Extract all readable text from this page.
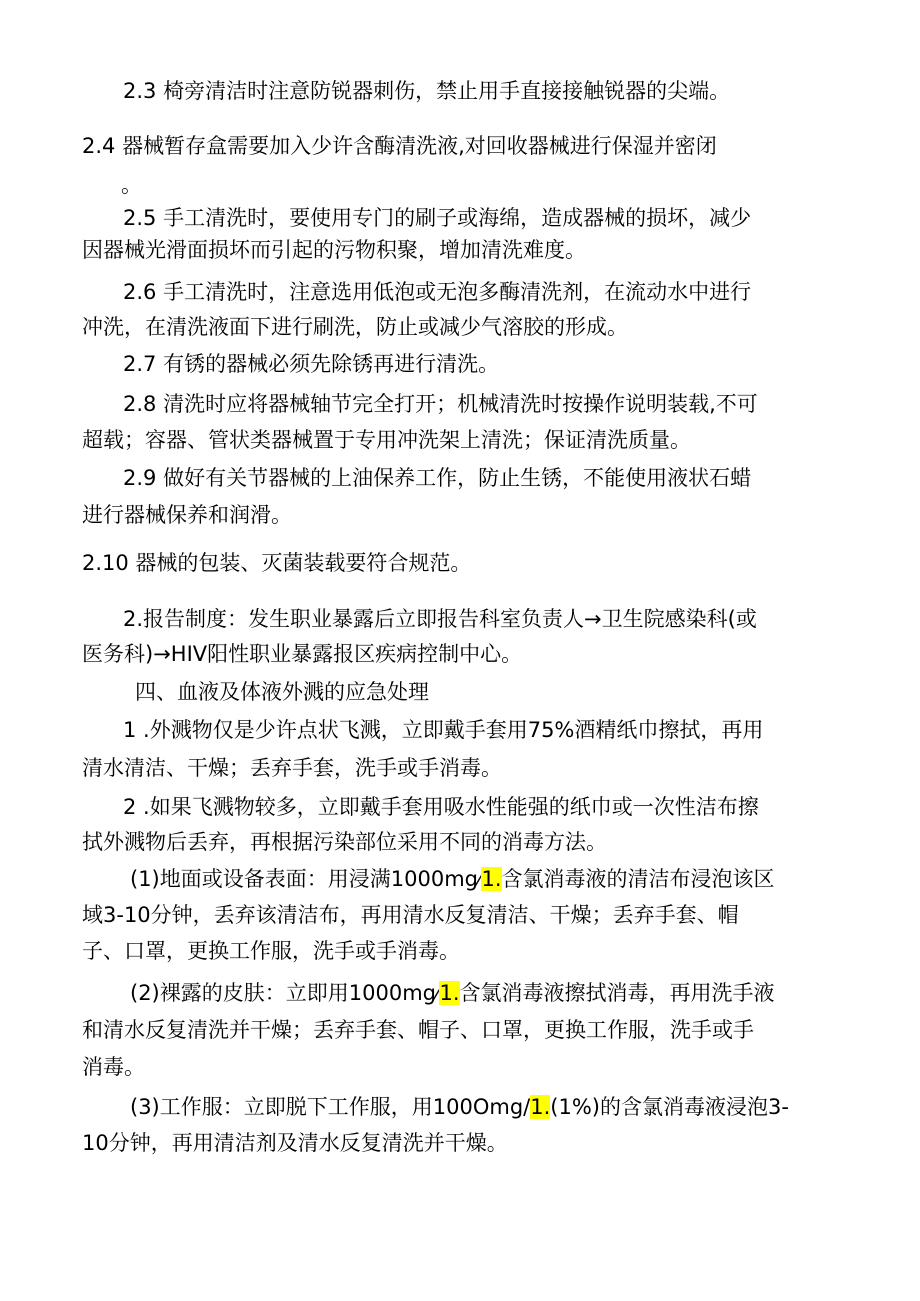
2.3 椅旁清洁时注意防锐器刺伤，禁止用手直接接触锐器的尖端。

2.4 器械暂存盒需要加入少许含酶清洗液,对回收器械进行保湿并密闭

。

2.5 手工清洗时，要使用专门的刷子或海绵，造成器械的损坏，减少

因器械光滑面损坏而引起的污物积聚，增加清洗难度。

2.6 手工清洗时，注意选用低泡或无泡多酶清洗剂，在流动水中进行

冲洗，在清洗液面下进行刷洗，防止或减少气溶胶的形成。

2.7 有锈的器械必须先除锈再进行清洗。

2.8 清洗时应将器械轴节完全打开；机械清洗时按操作说明装载,不可

超载；容器、管状类器械置于专用冲洗架上清洗；保证清洗质量。

2.9 做好有关节器械的上油保养工作，防止生锈，不能使用液状石蜡

进行器械保养和润滑。

2.10 器械的包装、灭菌装载要符合规范。

2.报告制度：发生职业暴露后立即报告科室负责人→卫生院感染科(或

医务科)→HIV阳性职业暴露报区疾病控制中心。

四、血液及体液外溅的应急处理

1 .外溅物仅是少许点状飞溅，立即戴手套用75%酒精纸巾擦拭，再用

清水清洁、干燥；丢弃手套，洗手或手消毒。

2 .如果飞溅物较多，立即戴手套用吸水性能强的纸巾或一次性洁布擦

拭外溅物后丢弃，再根据污染部位采用不同的消毒方法。

(1)地面或设备表面：用浸满1000mg⁄1.含氯消毒液的清洁布浸泡该区

域3-10分钟，丢弃该清洁布，再用清水反复清洁、干燥；丢弃手套、帽

子、口罩，更换工作服，洗手或手消毒。

(2)裸露的皮肤：立即用1000mg⁄1.含氯消毒液擦拭消毒，再用洗手液

和清水反复清洗并干燥；丢弃手套、帽子、口罩，更换工作服，洗手或手

消毒。

(3)工作服：立即脱下工作服，用100Omg/1.(1%)的含氯消毒液浸泡3-

10分钟，再用清洁剂及清水反复清洗并干燥。
